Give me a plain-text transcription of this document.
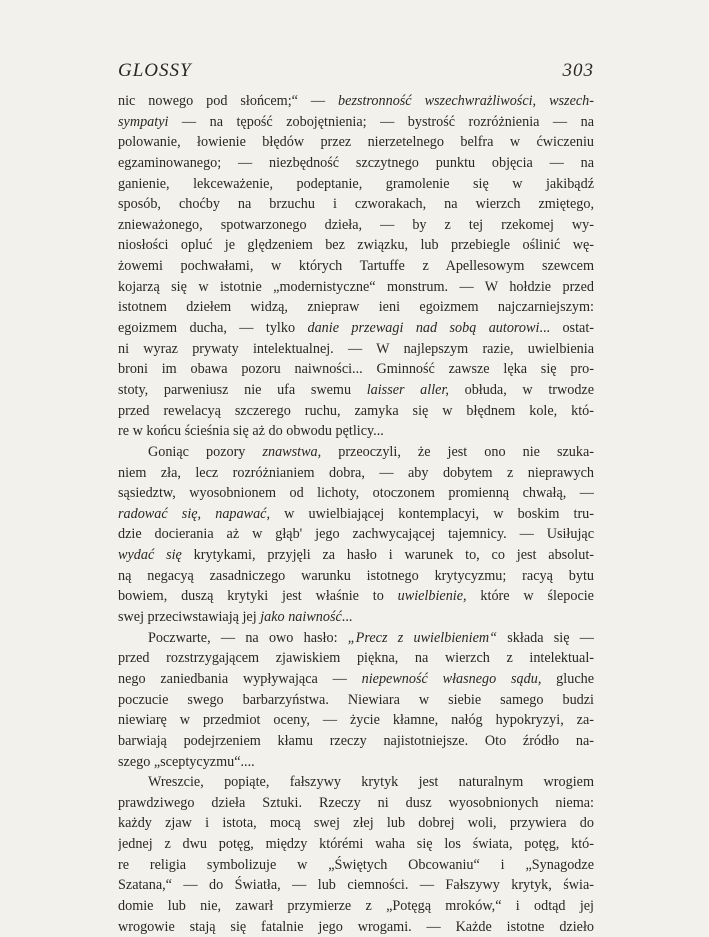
GLOSSY	303
nic nowego pod słońcem;“ — bezstronność wszechwrażliwości, wszech-
sympatyi — na tępość zobojętnienia; — bystrość rozróżnienia — na
polowanie, łowienie błędów przez nierzetelnego belfra w ćwiczeniu
egzaminowanego; — niezbędność szczytnego punktu objęcia — na
ganienie, lekceważenie, podeptanie, gramolenie się w jakibądź
sposób, choćby na brzuchu i czworakach, na wierzch zmiętego,
znieważonego, spotwarzonego dzieła, — by z tej rzekomej wy-
niosłości opluć je ględzeniem bez związku, lub przebiegle oślinić wę-
żowemi pochwałami, w których Tartuffe z Apellesowym szewcem
kojarzą się w istotnie „modernistyczne“ monstrum. — W hołdzie przed
istotnem dziełem widzą, zniepraw ieni egoizmem najczarniejszym:
egoizmem ducha, — tylko danie przewagi nad sobą autorowi... ostat-
ni wyraz prywaty intelektualnej. — W najlepszym razie, uwielbienia
broni im obawa pozoru naiwności... Gminność zawsze lęka się pro-
stoty, parweniusz nie ufa swemu laisser aller, obłuda, w trwodze
przed rewelacyą szczerego ruchu, zamyka się w błędnem kole, któ-
re w końcu ścieśnia się aż do obwodu pętlicy...
Goniąc pozory znawstwa, przeoczyli, że jest ono nie szuka-
niem zła, lecz rozróżnianiem dobra, — aby dobytem z nieprawych
sąsiedztw, wyosobnionem od lichoty, otoczonem promienną chwałą, —
radować się, napawać, w uwielbiającej kontemplacyi, w boskim tru-
dzie docierania aż w głąb' jego zachwycającej tajemnicy. — Usiłując
wydać się krytykami, przyjęli za hasło i warunek to, co jest absolut-
ną negacyą zasadniczego warunku istotnego krytycyzmu; racyą bytu
bowiem, duszą krytyki jest właśnie to uwielbienie, które w ślepocie
swej przeciwstawiają jej jako naiwność...
Poczwarte, — na owo hasło: „Precz z uwielbieniem“ składa się —
przed rozstrzygającem zjawiskiem piękna, na wierzch z intelektual-
nego zaniedbania wypływająca — niepewność własnego sądu, gluche
poczucie swego barbarzyństwa. Niewiara w siebie samego budzi
niewiarę w przedmiot oceny, — życie kłamne, nałóg hypokryzyi, za-
barwiają podejrzeniem kłamu rzeczy najistotniejsze. Oto źródło na-
szego „sceptycyzmu“....
Wreszcie, popiąte, fałszywy krytyk jest naturalnym wrogiem
prawdziwego dzieła Sztuki. Rzeczy ni dusz wyosobnionych niema:
każdy zjaw i istota, mocą swej złej lub dobrej woli, przywiera do
jednej z dwu potęg, między którémi waha się los świata, potęg, któ-
re religia symbolizuje w „Świętych Obcowaniu“ i „Synagodze
Szatana,“ — do Światła, — lub ciemności. — Fałszywy krytyk, świa-
domie lub nie, zawarł przymierze z „Potęgą mroków,“ i odtąd jej
wrogowie stają się fatalnie jego wrogami. — Każde istotne dzieło
